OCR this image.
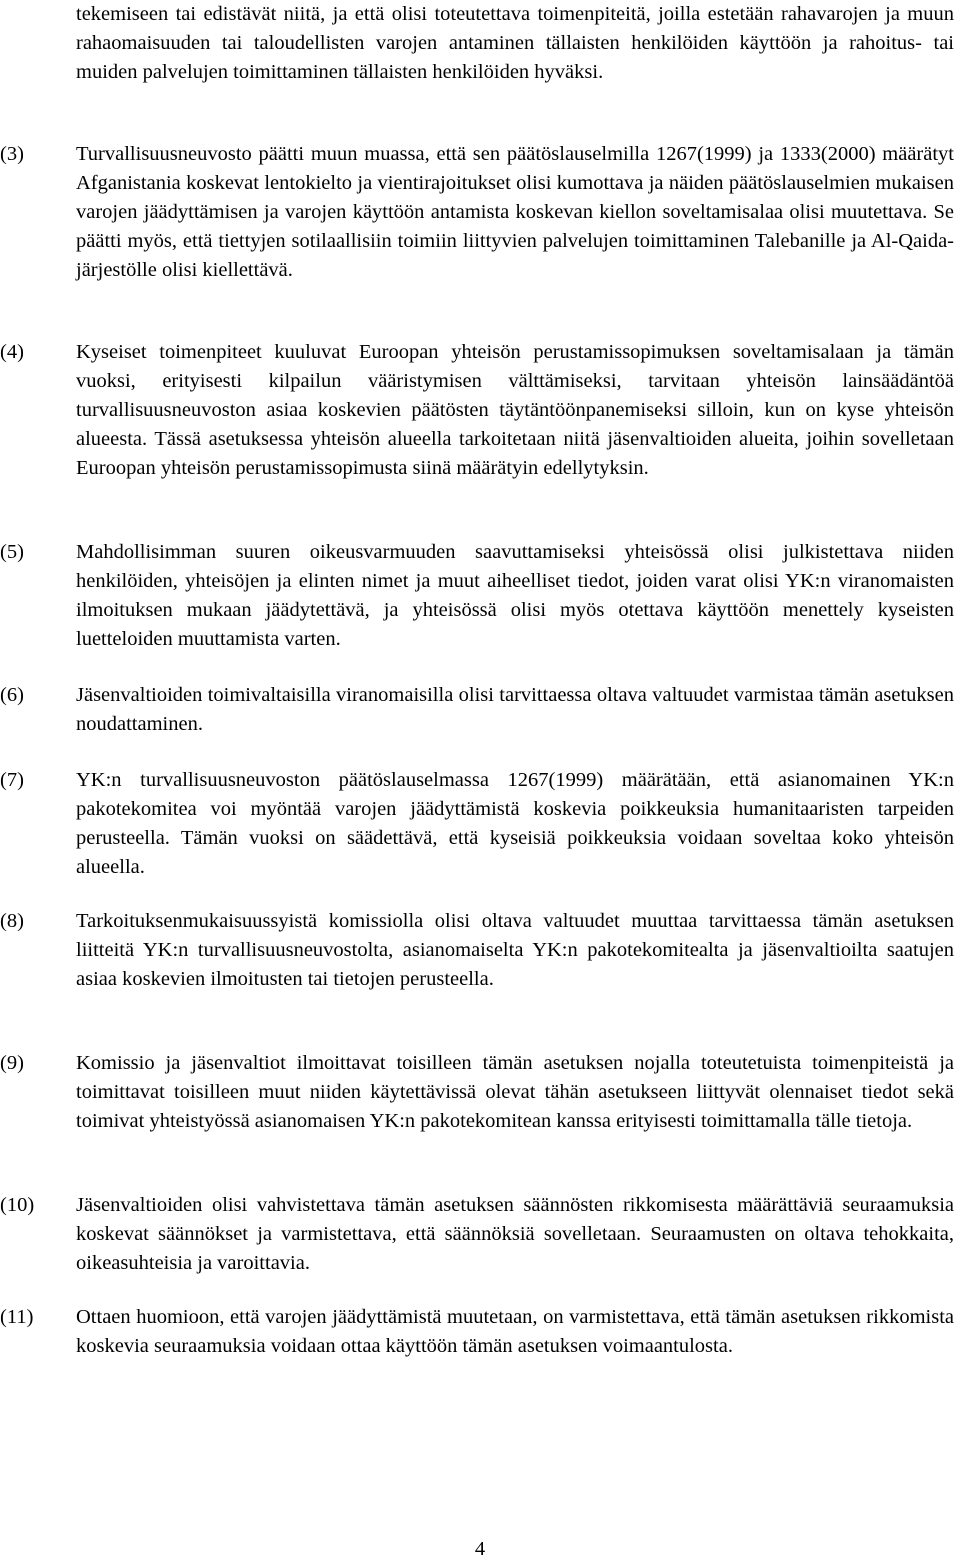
tekemiseen tai edistävät niitä, ja että olisi toteutettava toimenpiteitä, joilla estetään rahavarojen ja muun rahaomaisuuden tai taloudellisten varojen antaminen tällaisten henkilöiden käyttöön ja rahoitus- tai muiden palvelujen toimittaminen tällaisten henkilöiden hyväksi.

(3)	Turvallisuusneuvosto päätti muun muassa, että sen päätöslauselmilla 1267(1999) ja 1333(2000) määrätyt Afganistania koskevat lentokielto ja vientirajoitukset olisi kumottava ja näiden päätöslauselmien mukaisen varojen jäädyttämisen ja varojen käyttöön antamista koskevan kiellon soveltamisalaa olisi muutettava. Se päätti myös, että tiettyjen sotilaallisiin toimiin liittyvien palvelujen toimittaminen Talebanille ja Al-Qaida-järjestölle olisi kiellettävä.
(4)	Kyseiset toimenpiteet kuuluvat Euroopan yhteisön perustamissopimuksen soveltamisalaan ja tämän vuoksi, erityisesti kilpailun vääristymisen välttämiseksi, tarvitaan yhteisön lainsäädäntöä turvallisuusneuvoston asiaa koskevien päätösten täytäntöönpanemiseksi silloin, kun on kyse yhteisön alueesta. Tässä asetuksessa yhteisön alueella tarkoitetaan niitä jäsenvaltioiden alueita, joihin sovelletaan Euroopan yhteisön perustamissopimusta siinä määrätyin edellytyksin.
(5)	Mahdollisimman suuren oikeusvarmuuden saavuttamiseksi yhteisössä olisi julkistettava niiden henkilöiden, yhteisöjen ja elinten nimet ja muut aiheelliset tiedot, joiden varat olisi YK:n viranomaisten ilmoituksen mukaan jäädytettävä, ja yhteisössä olisi myös otettava käyttöön menettely kyseisten luetteloiden muuttamista varten.
(6)	Jäsenvaltioiden toimivaltaisilla viranomaisilla olisi tarvittaessa oltava valtuudet varmistaa tämän asetuksen noudattaminen.
(7)	YK:n turvallisuusneuvoston päätöslauselmassa 1267(1999) määrätään, että asianomainen YK:n pakotekomitea voi myöntää varojen jäädyttämistä koskevia poikkeuksia humanitaaristen tarpeiden perusteella. Tämän vuoksi on säädettävä, että kyseisiä poikkeuksia voidaan soveltaa koko yhteisön alueella.
(8)	Tarkoituksenmukaisuussyistä komissiolla olisi oltava valtuudet muuttaa tarvittaessa tämän asetuksen liitteitä YK:n turvallisuusneuvostolta, asianomaiselta YK:n pakotekomitealta ja jäsenvaltioilta saatujen asiaa koskevien ilmoitusten tai tietojen perusteella.
(9)	Komissio ja jäsenvaltiot ilmoittavat toisilleen tämän asetuksen nojalla toteutetuista toimenpiteistä ja toimittavat toisilleen muut niiden käytettävissä olevat tähän asetukseen liittyvät olennaiset tiedot sekä toimivat yhteistyössä asianomaisen YK:n pakotekomitean kanssa erityisesti toimittamalla tälle tietoja.
(10)	Jäsenvaltioiden olisi vahvistettava tämän asetuksen säännösten rikkomisesta määrättäviä seuraamuksia koskevat säännökset ja varmistettava, että säännöksiä sovelletaan. Seuraamusten on oltava tehokkaita, oikeasuhteisia ja varoittavia.
(11)	Ottaen huomioon, että varojen jäädyttämistä muutetaan, on varmistettava, että tämän asetuksen rikkomista koskevia seuraamuksia voidaan ottaa käyttöön tämän asetuksen voimaantulosta.
4
